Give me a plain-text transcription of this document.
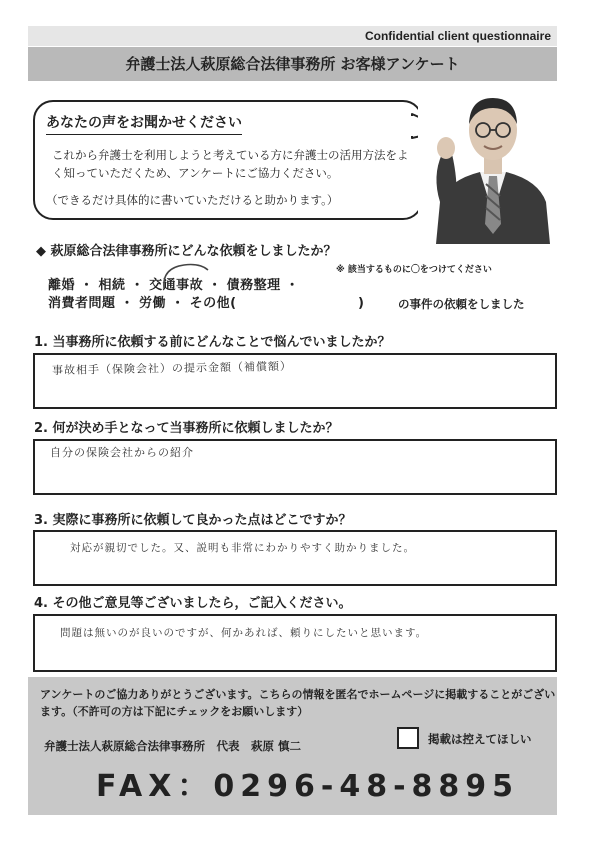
Confidential client questionnaire
弁護士法人萩原総合法律事務所 お客様アンケート
あなたの声をお聞かせください
これから弁護士を利用しようと考えている方に弁護士の活用方法をよく知っていただくため、アンケートにご協力ください。
（できるだけ具体的に書いていただけると助かります。）
◆ 萩原総合法律事務所にどんな依頼をしましたか？
※ 該当するものに〇をつけてください
離婚 ・ 相続 ・ 交通事故 ・ 債務整理 ・
消費者問題 ・ 労働 ・ その他(　　　　　　　　　)	の事件の依頼をしました
1. 当事務所に依頼する前にどんなことで悩んでいましたか？
事故相手（保険会社）の提示金額（補償額）
2. 何が決め手となって当事務所に依頼しましたか？
自分の保険会社からの紹介
3. 実際に事務所に依頼して良かった点はどこですか？
対応が親切でした。又、説明も非常にわかりやすく助かりました。
4. その他ご意見等ございましたら，ご記入ください。
問題は無いのが良いのですが、何かあれば、頼りにしたいと思います。
アンケートのご協力ありがとうございます。こちらの情報を匿名でホームページに掲載することがございます。（不許可の方は下記にチェックをお願いします）
弁護士法人萩原総合法律事務所　代表　萩原 慎二	掲載は控えてほしい
FAX：0296-48-8895
